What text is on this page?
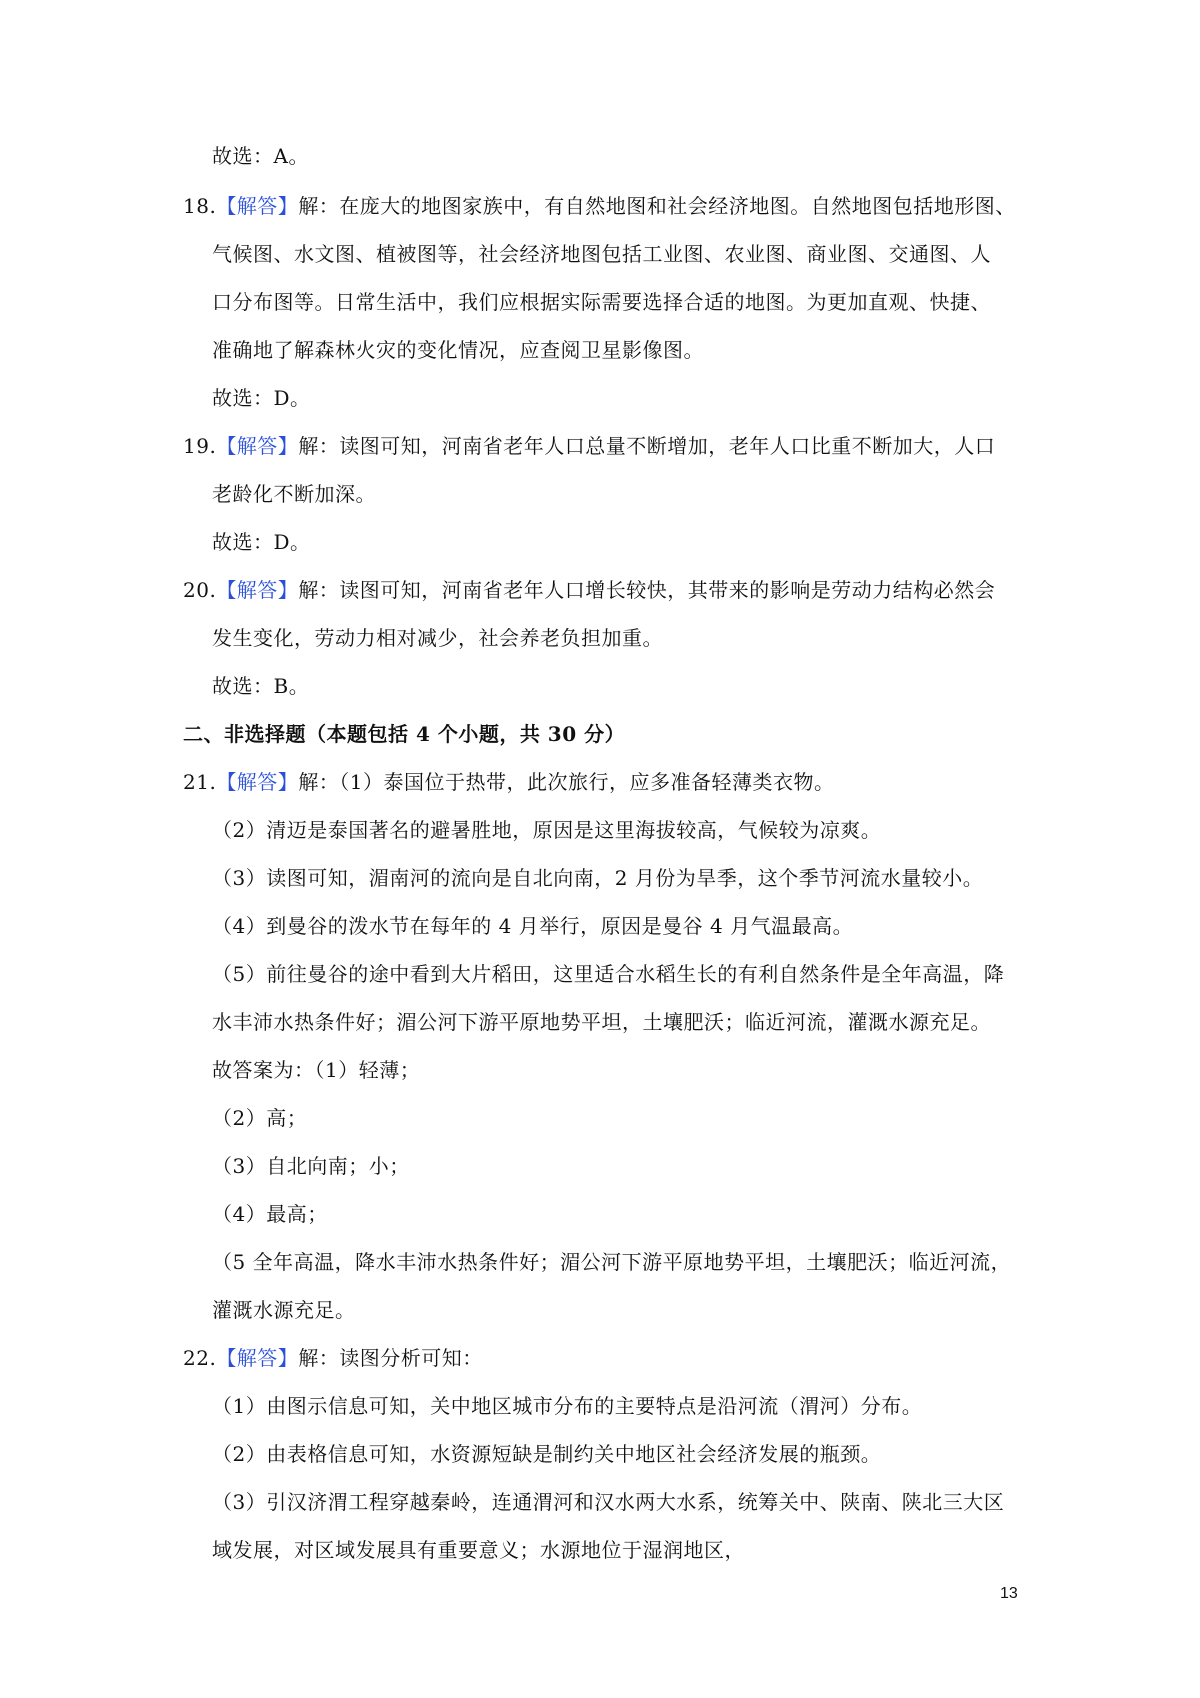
故选：A。
18.【解答】解：在庞大的地图家族中，有自然地图和社会经济地图。自然地图包括地形图、
气候图、水文图、植被图等，社会经济地图包括工业图、农业图、商业图、交通图、人
口分布图等。日常生活中，我们应根据实际需要选择合适的地图。为更加直观、快捷、
准确地了解森林火灾的变化情况，应查阅卫星影像图。
故选：D。
19.【解答】解：读图可知，河南省老年人口总量不断增加，老年人口比重不断加大，人口
老龄化不断加深。
故选：D。
20.【解答】解：读图可知，河南省老年人口增长较快，其带来的影响是劳动力结构必然会
发生变化，劳动力相对减少，社会养老负担加重。
故选：B。
二、非选择题（本题包括 4 个小题，共 30 分）
21.【解答】解：（1）泰国位于热带，此次旅行，应多准备轻薄类衣物。
（2）清迈是泰国著名的避暑胜地，原因是这里海拔较高，气候较为凉爽。
（3）读图可知，湄南河的流向是自北向南，2 月份为旱季，这个季节河流水量较小。
（4）到曼谷的泼水节在每年的 4 月举行，原因是曼谷 4 月气温最高。
（5）前往曼谷的途中看到大片稻田，这里适合水稻生长的有利自然条件是全年高温，降
水丰沛水热条件好；湄公河下游平原地势平坦，土壤肥沃；临近河流，灌溉水源充足。
故答案为：（1）轻薄；
（2）高；
（3）自北向南；小；
（4）最高；
（5 全年高温，降水丰沛水热条件好；湄公河下游平原地势平坦，土壤肥沃；临近河流，
灌溉水源充足。
22.【解答】解：读图分析可知：
（1）由图示信息可知，关中地区城市分布的主要特点是沿河流（渭河）分布。
（2）由表格信息可知，水资源短缺是制约关中地区社会经济发展的瓶颈。
（3）引汉济渭工程穿越秦岭，连通渭河和汉水两大水系，统筹关中、陕南、陕北三大区
域发展，对区域发展具有重要意义；水源地位于湿润地区，
13
